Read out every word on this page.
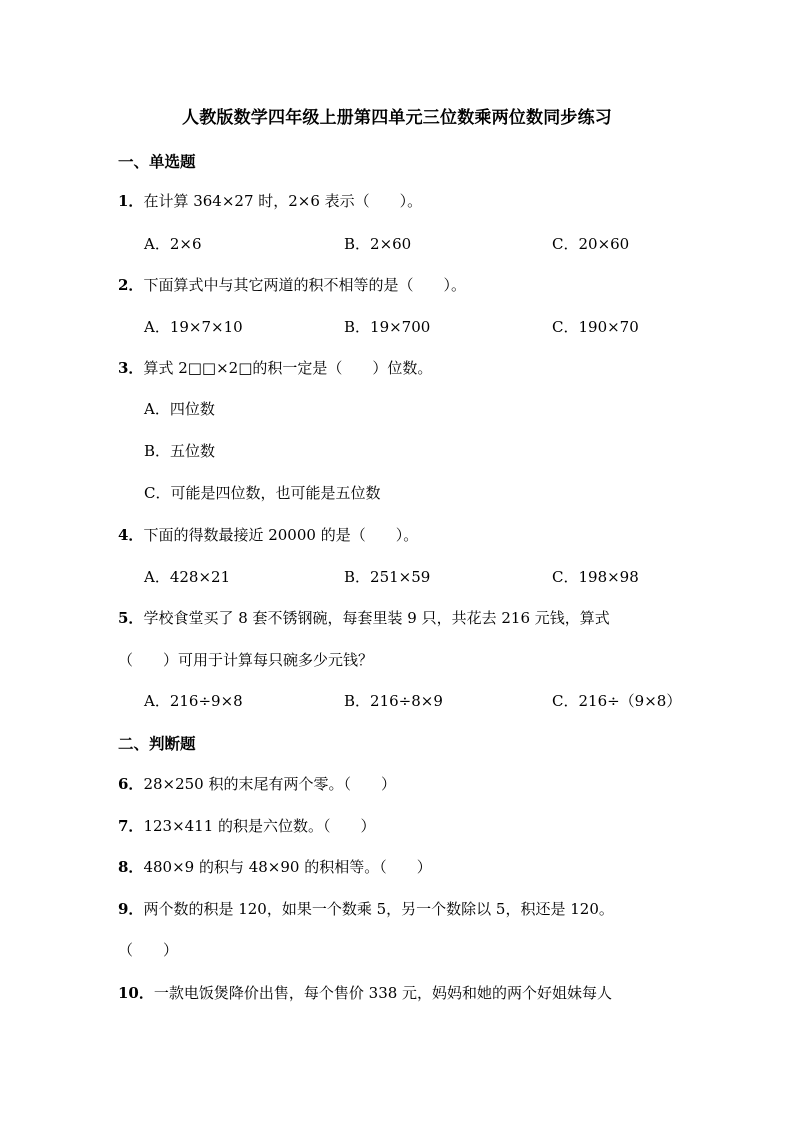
人教版数学四年级上册第四单元三位数乘两位数同步练习
一、单选题
1．在计算 364×27 时，2×6 表示（　　）。
A．2×6	B．2×60	C．20×60
2．下面算式中与其它两道的积不相等的是（　　）。
A．19×7×10	B．19×700	C．190×70
3．算式 2□□×2□的积一定是（　　）位数。
A．四位数
B．五位数
C．可能是四位数，也可能是五位数
4．下面的得数最接近 20000 的是（　　）。
A．428×21	B．251×59	C．198×98
5．学校食堂买了 8 套不锈钢碗，每套里装 9 只，共花去 216 元钱，算式
（　　）可用于计算每只碗多少元钱？
A．216÷9×8	B．216÷8×9	C．216÷（9×8）
二、判断题
6．28×250 积的末尾有两个零。（　　）
7．123×411 的积是六位数。（　　）
8．480×9 的积与 48×90 的积相等。（　　）
9．两个数的积是 120，如果一个数乘 5，另一个数除以 5，积还是 120。
（　　）
10．一款电饭煲降价出售，每个售价 338 元，妈妈和她的两个好姐妹每人
